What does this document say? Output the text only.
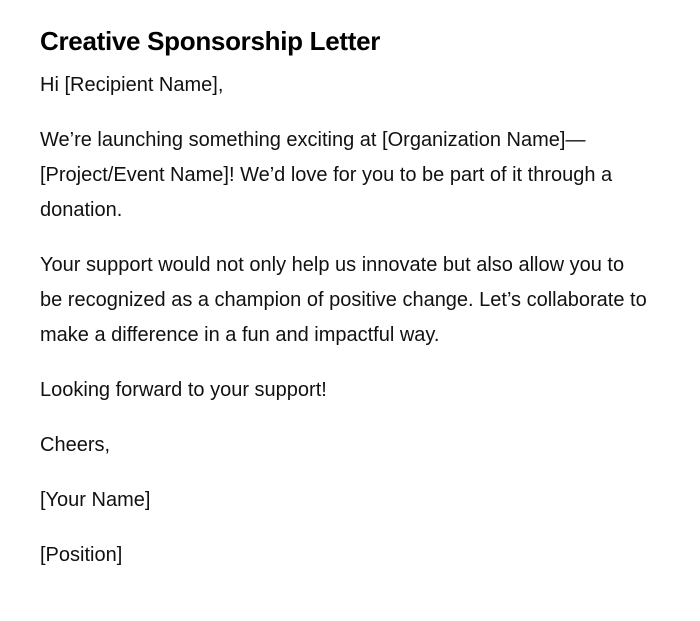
Creative Sponsorship Letter

Hi [Recipient Name],

We’re launching something exciting at [Organization Name]—[Project/Event Name]! We’d love for you to be part of it through a donation.

Your support would not only help us innovate but also allow you to be recognized as a champion of positive change. Let’s collaborate to make a difference in a fun and impactful way.

Looking forward to your support!

Cheers,

[Your Name]

[Position]
